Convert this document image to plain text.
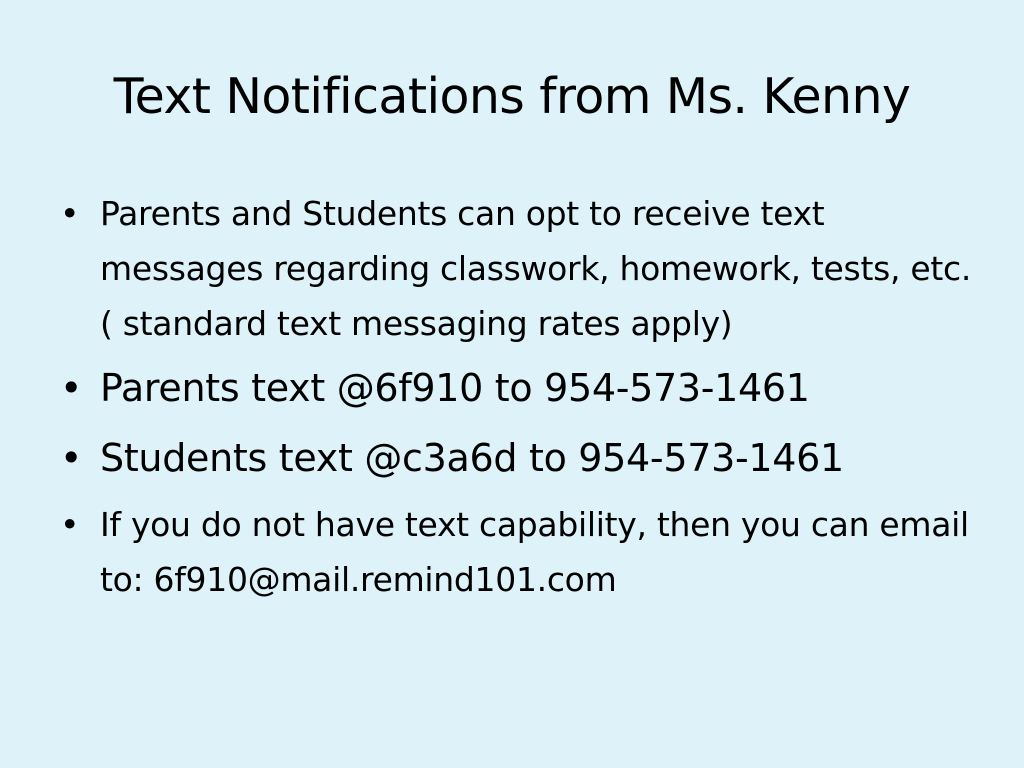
Text Notifications from Ms. Kenny
• Parents and Students can opt to receive text messages regarding classwork, homework, tests, etc. ( standard text messaging rates apply)
• Parents text @6f910 to 954-573-1461
• Students text @c3a6d to 954-573-1461
• If you do not have text capability, then you can email to: 6f910@mail.remind101.com
